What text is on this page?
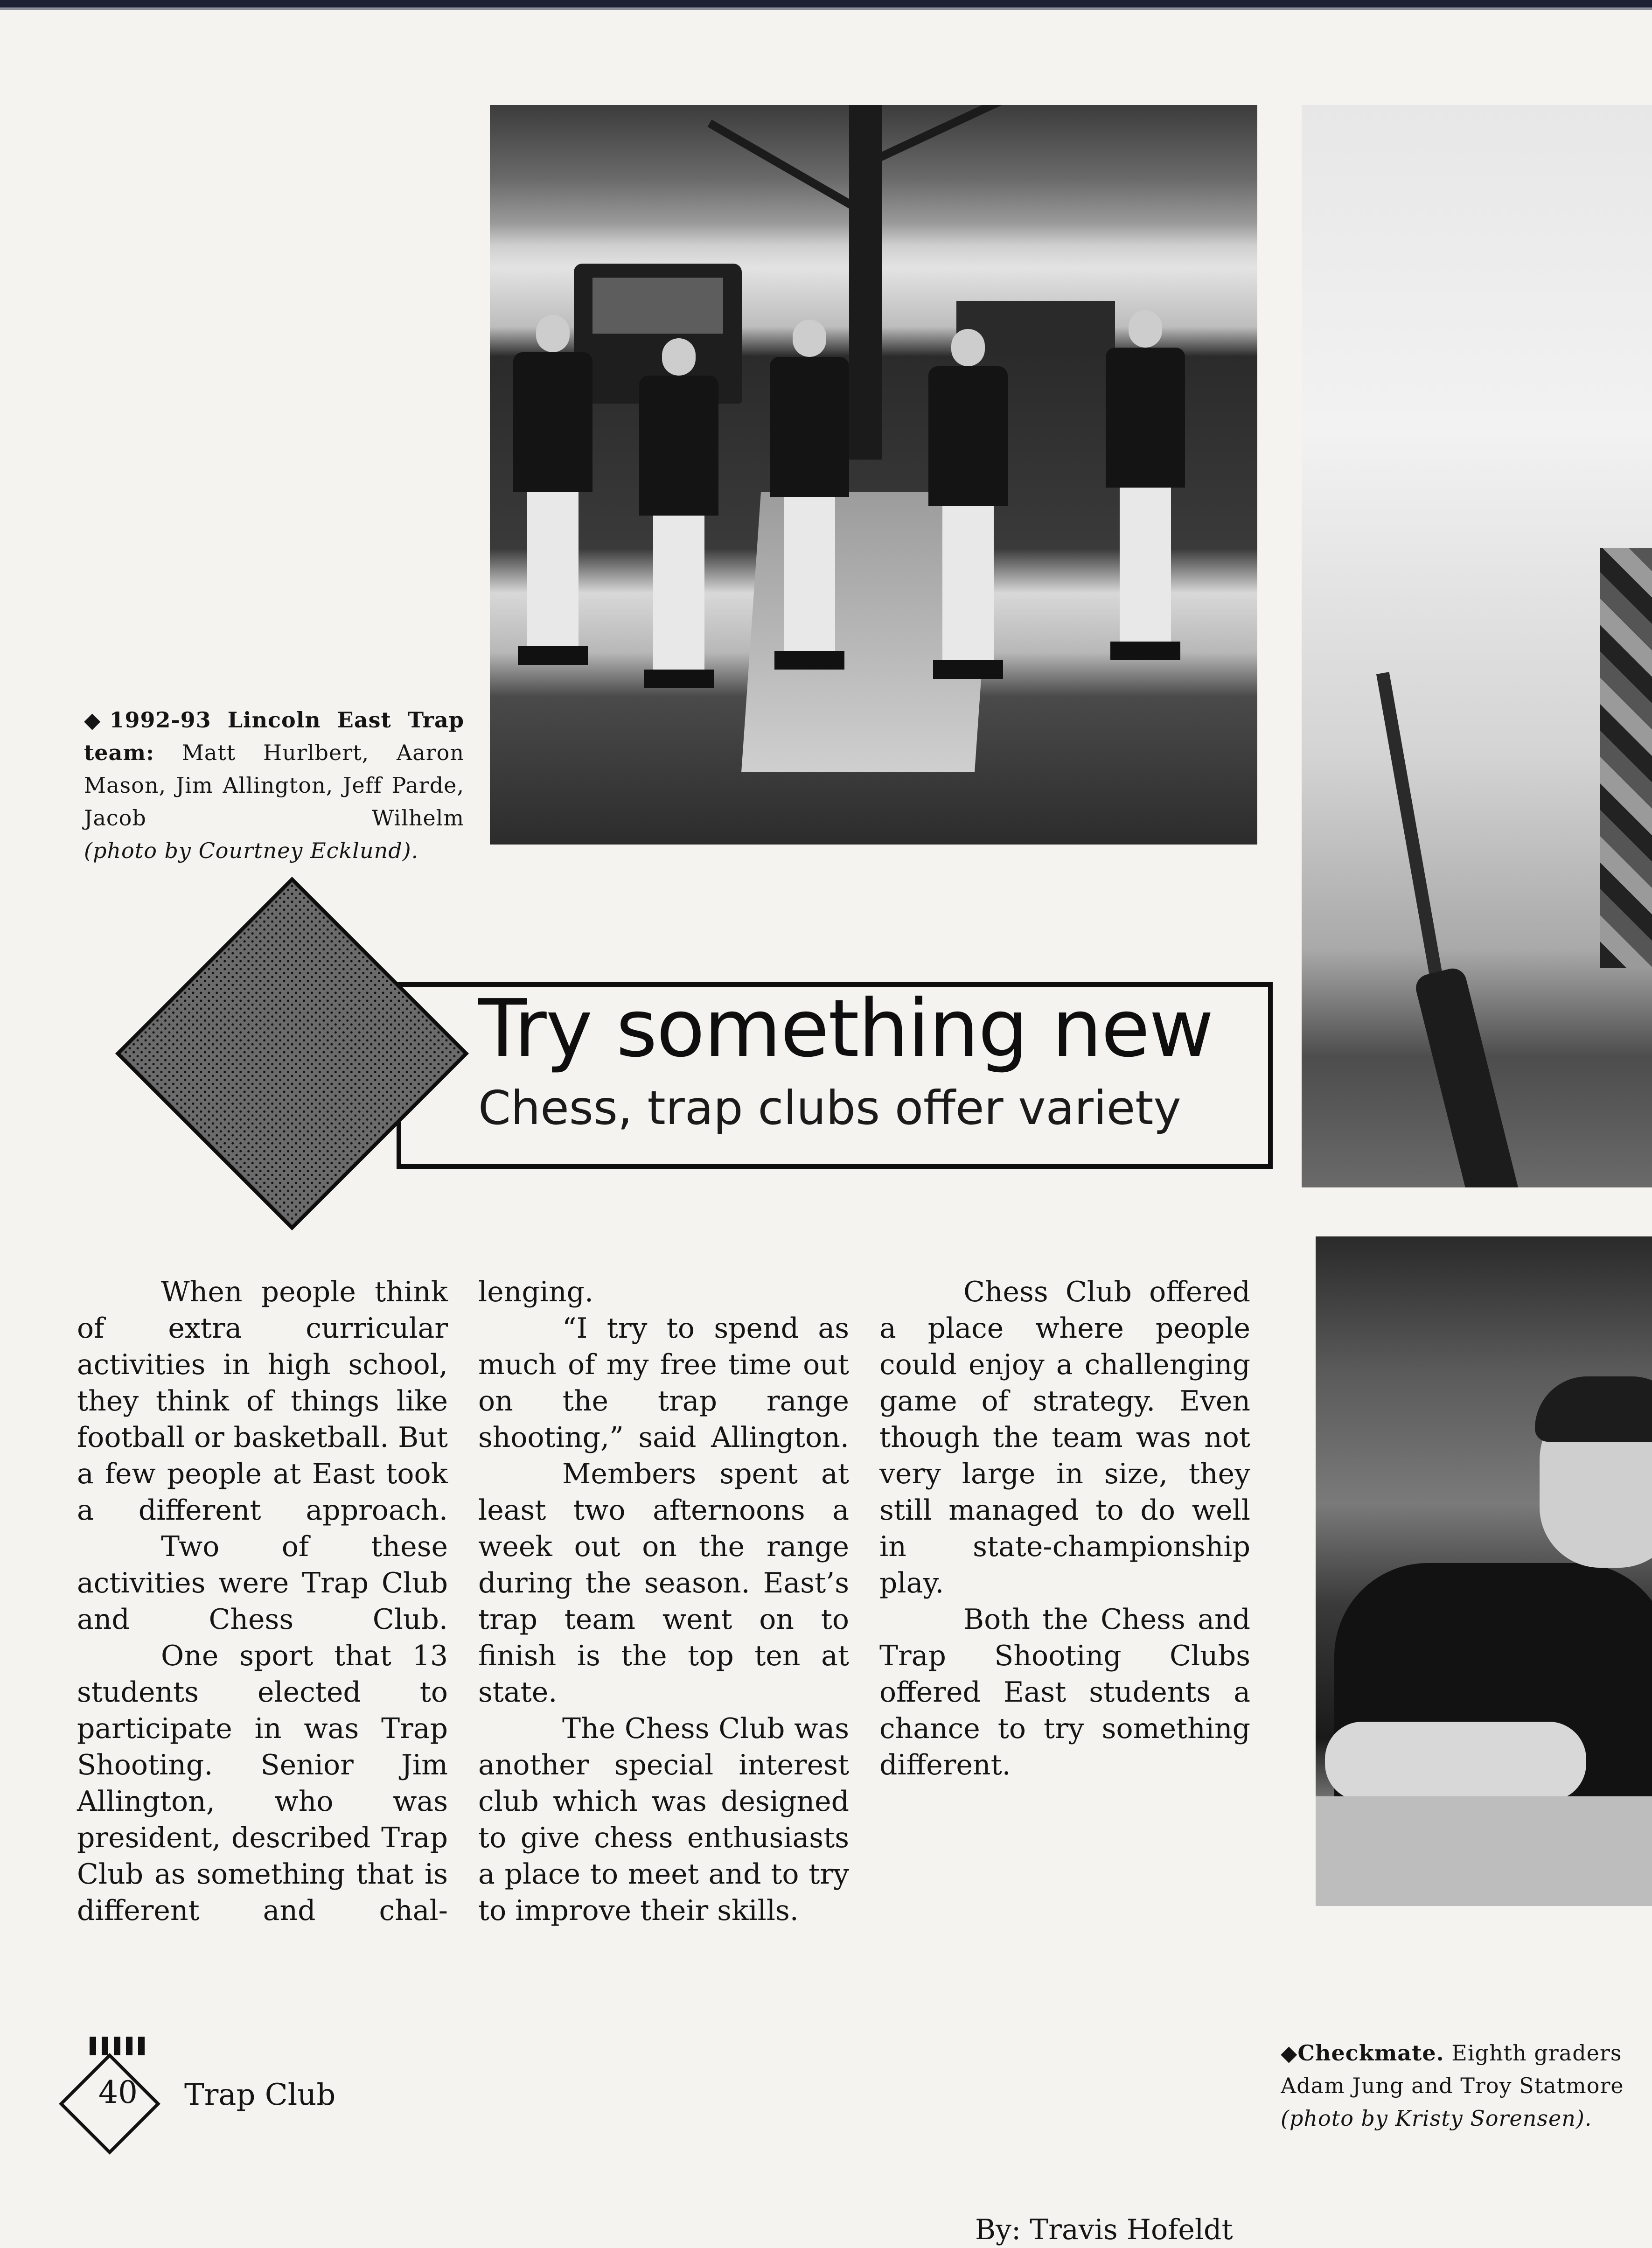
◆1992-93 Lincoln East Trap team: Matt Hurlbert, Aaron Mason, Jim Allington, Jeff Parde, Jacob Wilhelm
(photo by Courtney Ecklund).
Try something new
Chess, trap clubs offer variety

When people think of extra curricular activities in high school, they think of things like football or basketball. But a few people at East took a different approach.

Two of these activities were Trap Club and Chess Club.

One sport that 13 students elected to participate in was Trap Shooting. Senior Jim Allington, who was president, described Trap Club as something that is different and chal-

lenging.

“I try to spend as much of my free time out on the trap range shooting,” said Allington.

Members spent at least two afternoons a week out on the range during the season. East’s trap team went on to finish is the top ten at state.

The Chess Club was another special interest club which was designed to give chess enthusiasts a place to meet and to try to improve their skills.

Chess Club offered a place where people could enjoy a challenging game of strategy. Even though the team was not very large in size, they still managed to do well in state-championship play.

Both the Chess and Trap Shooting Clubs offered East students a chance to try something different.

By: Travis Hofeldt
◆Checkmate. Eighth graders Adam Jung and Troy Statmore
(photo by Kristy Sorensen).
40	Trap Club
